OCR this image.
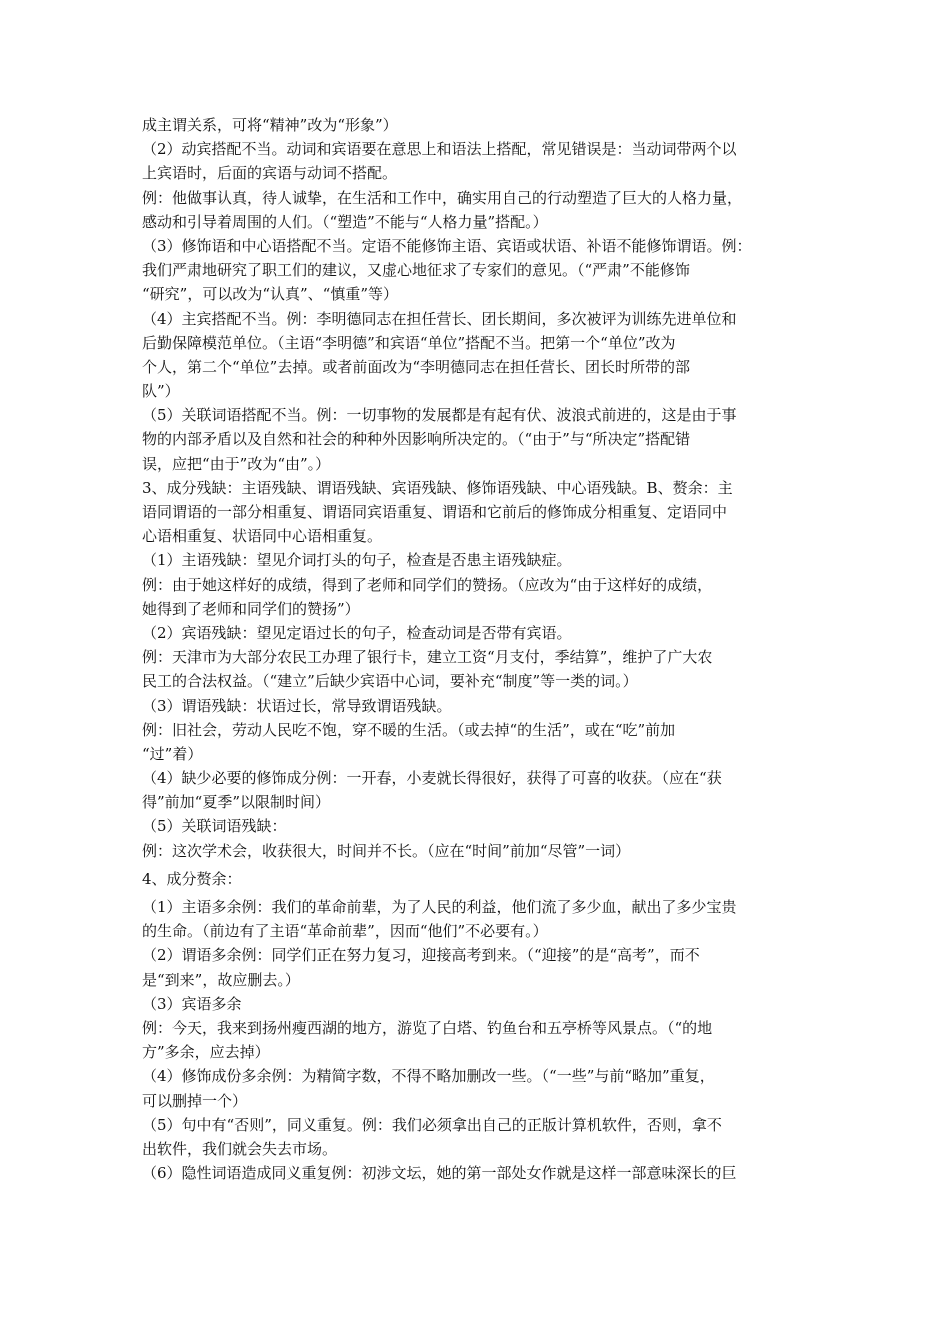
成主谓关系，可将“精神”改为“形象”）
（2）动宾搭配不当。动词和宾语要在意思上和语法上搭配，常见错误是：当动词带两个以
上宾语时，后面的宾语与动词不搭配。
例：他做事认真，待人诚挚，在生活和工作中，确实用自己的行动塑造了巨大的人格力量，
感动和引导着周围的人们。（“塑造”不能与“人格力量”搭配。）
（3）修饰语和中心语搭配不当。定语不能修饰主语、宾语或状语、补语不能修饰谓语。例：
我们严肃地研究了职工们的建议，又虚心地征求了专家们的意见。（“严肃”不能修饰
“研究”，可以改为“认真”、“慎重”等）
（4）主宾搭配不当。例：李明德同志在担任营长、团长期间，多次被评为训练先进单位和
后勤保障模范单位。（主语“李明德”和宾语“单位”搭配不当。把第一个“单位”改为
个人，第二个“单位”去掉。或者前面改为“李明德同志在担任营长、团长时所带的部
队”）
（5）关联词语搭配不当。例：一切事物的发展都是有起有伏、波浪式前进的，这是由于事
物的内部矛盾以及自然和社会的种种外因影响所决定的。（“由于”与“所决定”搭配错
误，应把“由于”改为“由”。）
3、成分残缺：主语残缺、谓语残缺、宾语残缺、修饰语残缺、中心语残缺。B、赘余：主
语同谓语的一部分相重复、谓语同宾语重复、谓语和它前后的修饰成分相重复、定语同中
心语相重复、状语同中心语相重复。
（1）主语残缺：望见介词打头的句子，检查是否患主语残缺症。
例：由于她这样好的成绩，得到了老师和同学们的赞扬。（应改为“由于这样好的成绩，
她得到了老师和同学们的赞扬”）
（2）宾语残缺：望见定语过长的句子，检查动词是否带有宾语。
例：天津市为大部分农民工办理了银行卡，建立工资“月支付，季结算”，维护了广大农
民工的合法权益。（“建立”后缺少宾语中心词，要补充“制度”等一类的词。）
（3）谓语残缺：状语过长，常导致谓语残缺。
例：旧社会，劳动人民吃不饱，穿不暖的生活。（或去掉“的生活”，或在“吃”前加
“过”着）
（4）缺少必要的修饰成分例：一开春，小麦就长得很好，获得了可喜的收获。（应在“获
得”前加“夏季”以限制时间）
（5）关联词语残缺：
例：这次学术会，收获很大，时间并不长。（应在“时间”前加“尽管”一词）
4、成分赘余：
（1）主语多余例：我们的革命前辈，为了人民的利益，他们流了多少血，献出了多少宝贵
的生命。（前边有了主语“革命前辈”，因而“他们”不必要有。）
（2）谓语多余例：同学们正在努力复习，迎接高考到来。（“迎接”的是“高考”，而不
是“到来”，故应删去。）
（3）宾语多余
例：今天，我来到扬州瘦西湖的地方，游览了白塔、钓鱼台和五亭桥等风景点。（“的地
方”多余，应去掉）
（4）修饰成份多余例：为精简字数，不得不略加删改一些。（“一些”与前“略加”重复，
可以删掉一个）
（5）句中有“否则”，同义重复。例：我们必须拿出自己的正版计算机软件，否则，拿不
出软件，我们就会失去市场。
（6）隐性词语造成同义重复例：初涉文坛，她的第一部处女作就是这样一部意味深长的巨
